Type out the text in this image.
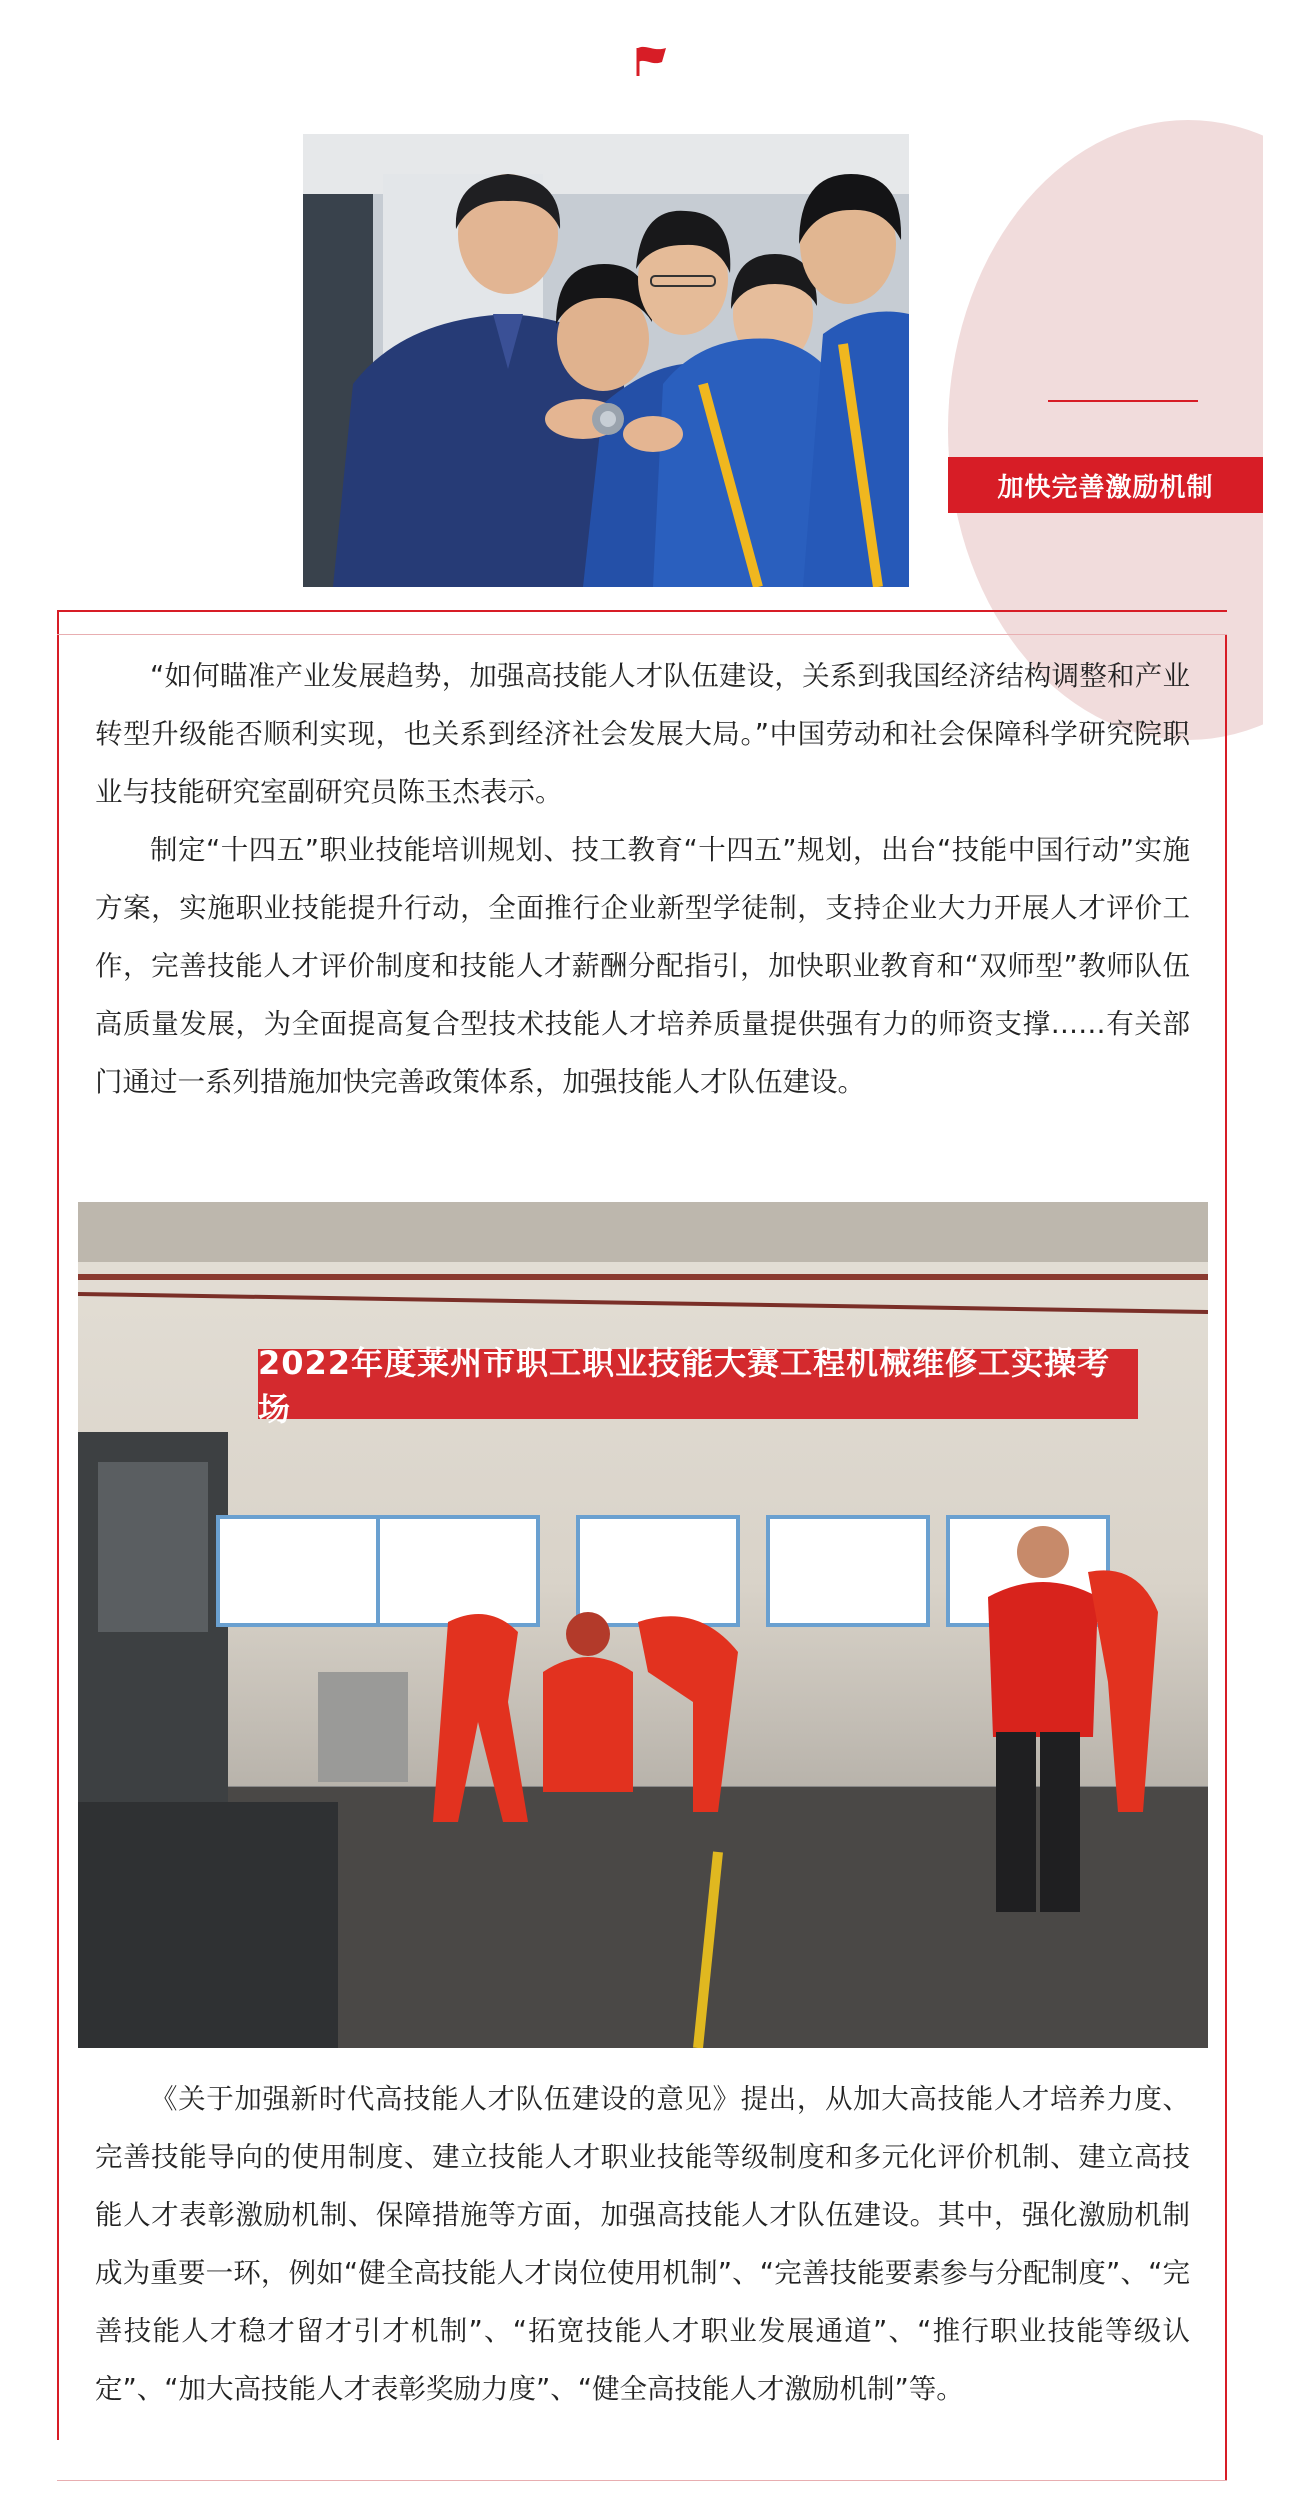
加快完善激励机制

“如何瞄准产业发展趋势，加强高技能人才队伍建设，关系到我国经济结构调整和产业转型升级能否顺利实现，也关系到经济社会发展大局。”中国劳动和社会保障科学研究院职业与技能研究室副研究员陈玉杰表示。

制定“十四五”职业技能培训规划、技工教育“十四五”规划，出台“技能中国行动”实施方案，实施职业技能提升行动，全面推行企业新型学徒制，支持企业大力开展人才评价工作，完善技能人才评价制度和技能人才薪酬分配指引，加快职业教育和“双师型”教师队伍高质量发展，为全面提高复合型技术技能人才培养质量提供强有力的师资支撑……有关部门通过一系列措施加快完善政策体系，加强技能人才队伍建设。

2022年度莱州市职工职业技能大赛工程机械维修工实操考场

《关于加强新时代高技能人才队伍建设的意见》提出，从加大高技能人才培养力度、完善技能导向的使用制度、建立技能人才职业技能等级制度和多元化评价机制、建立高技能人才表彰激励机制、保障措施等方面，加强高技能人才队伍建设。其中，强化激励机制成为重要一环，例如“健全高技能人才岗位使用机制”、“完善技能要素参与分配制度”、“完善技能人才稳才留才引才机制”、“拓宽技能人才职业发展通道”、“推行职业技能等级认定”、“加大高技能人才表彰奖励力度”、“健全高技能人才激励机制”等。
